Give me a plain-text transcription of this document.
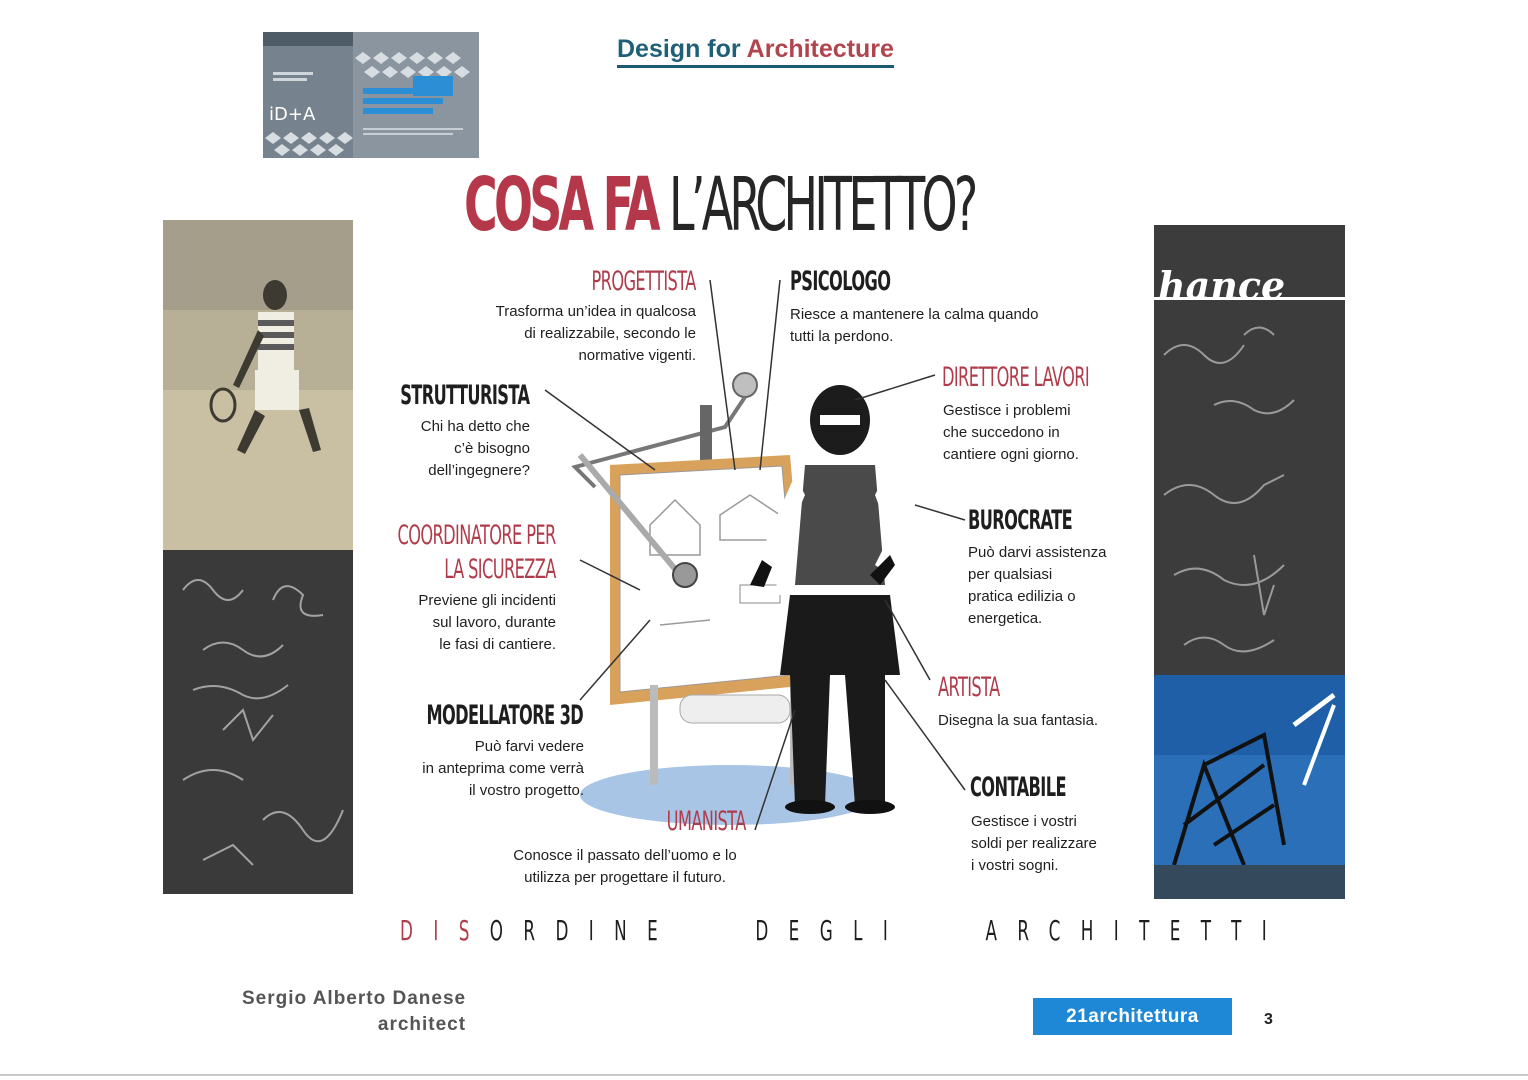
Design for Architecture
iD+A
hance
COSA FA L’ARCHITETTO?
PROGETTISTA
Trasforma un’idea in qualcosa
di realizzabile, secondo le
normative vigenti.
STRUTTURISTA
Chi ha detto che
c’è bisogno
dell’ingegnere?
COORDINATORE PER
LA SICUREZZA
Previene gli incidenti
sul lavoro, durante
le fasi di cantiere.
MODELLATORE 3D
Può farvi vedere
in anteprima come verrà
il vostro progetto.
PSICOLOGO
Riesce a mantenere la calma quando
tutti la perdono.
DIRETTORE LAVORI
Gestisce i problemi
che succedono in
cantiere ogni giorno.
BUROCRATE
Può darvi assistenza
per qualsiasi
pratica edilizia o
energetica.
ARTISTA
Disegna la sua fantasia.
CONTABILE
Gestisce i vostri
soldi per realizzare
i vostri sogni.
UMANISTA
Conosce il passato dell’uomo e lo
utilizza per progettare il futuro.
DISORDINE   DEGLI   ARCHITETTI
Sergio Alberto Danese
architect	21architettura	3
